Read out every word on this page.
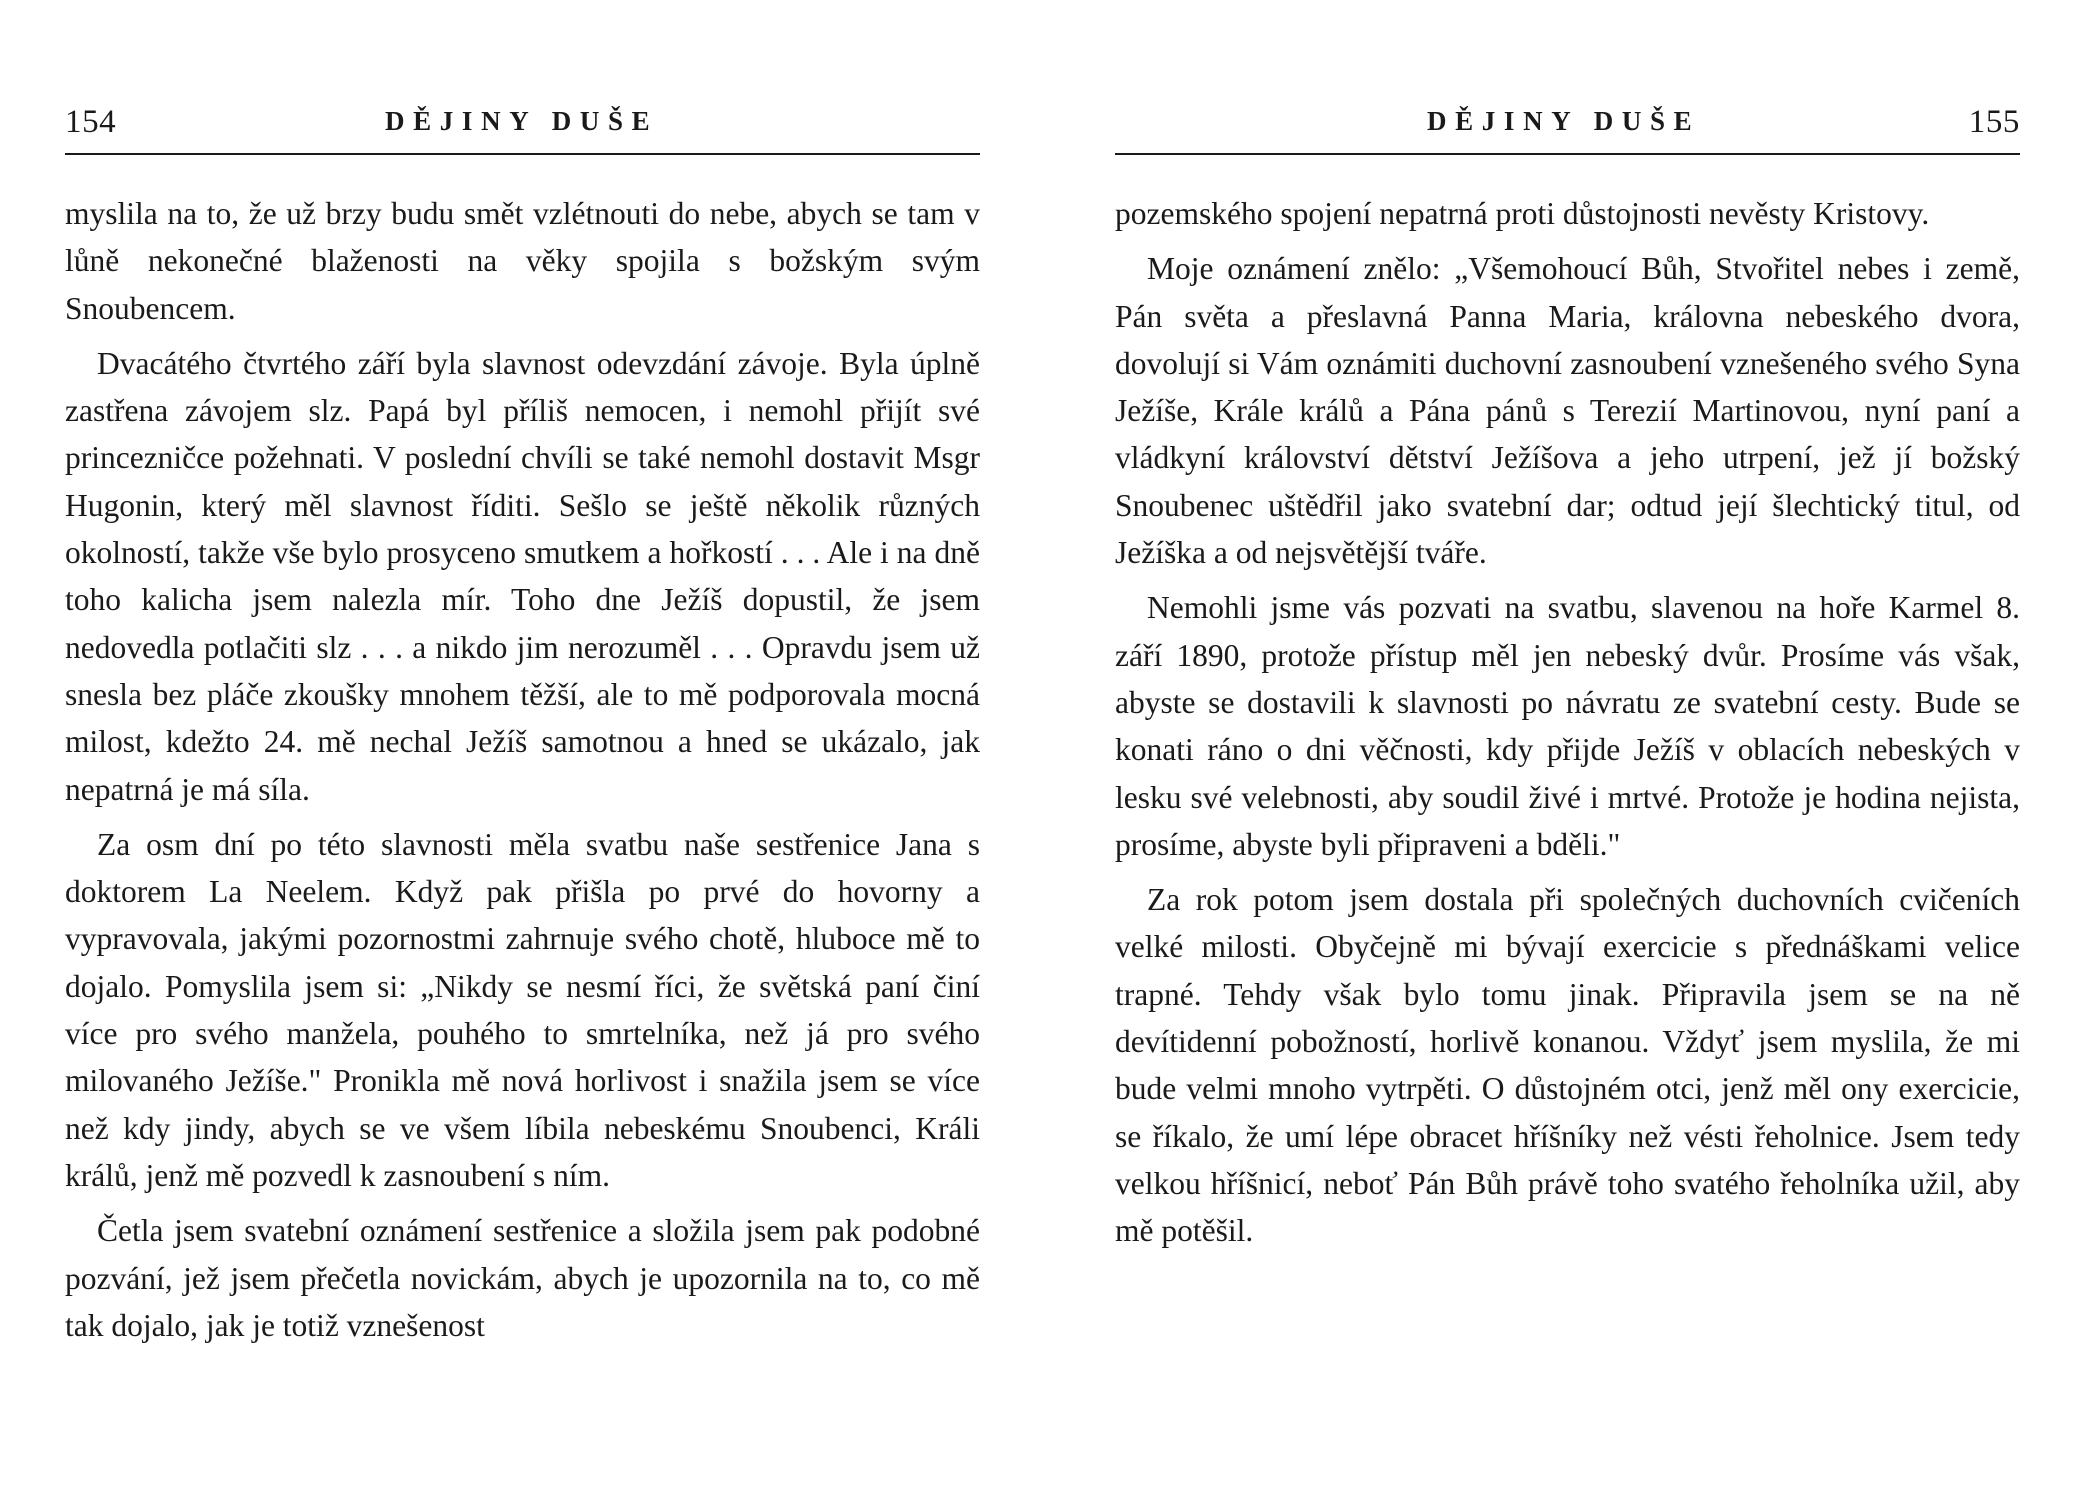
154	DĚJINY DUŠE

myslila na to, že už brzy budu smět vzlétnouti do nebe, abych se tam v lůně nekonečné blaženosti na věky spojila s božským svým Snoubencem.

Dvacátého čtvrtého září byla slavnost odevzdání závoje. Byla úplně zastřena závojem slz. Papá byl příliš nemocen, i nemohl přijít své princezničce požehnati. V poslední chvíli se také nemohl dostavit Msgr Hugonin, který měl slavnost říditi. Sešlo se ještě několik různých okolností, takže vše bylo prosyceno smutkem a hořkostí . . . Ale i na dně toho kalicha jsem nalezla mír. Toho dne Ježíš dopustil, že jsem nedovedla potlačiti slz . . . a nikdo jim nerozuměl . . . Opravdu jsem už snesla bez pláče zkoušky mnohem těžší, ale to mě podporovala mocná milost, kdežto 24. mě nechal Ježíš samotnou a hned se ukázalo, jak nepatrná je má síla.

Za osm dní po této slavnosti měla svatbu naše sestřenice Jana s doktorem La Neelem. Když pak přišla po prvé do hovorny a vypravovala, jakými pozornostmi zahrnuje svého chotě, hluboce mě to dojalo. Pomyslila jsem si: „Nikdy se nesmí říci, že světská paní činí více pro svého manžela, pouhého to smrtelníka, než já pro svého milovaného Ježíše." Pronikla mě nová horlivost i snažila jsem se více než kdy jindy, abych se ve všem líbila nebeskému Snoubenci, Králi králů, jenž mě pozvedl k zasnoubení s ním.

Četla jsem svatební oznámení sestřenice a složila jsem pak podobné pozvání, jež jsem přečetla novickám, abych je upozornila na to, co mě tak dojalo, jak je totiž vznešenost

DĚJINY DUŠE	155

pozemského spojení nepatrná proti důstojnosti nevěsty Kristovy.

Moje oznámení znělo: „Všemohoucí Bůh, Stvořitel nebes i země, Pán světa a přeslavná Panna Maria, královna nebeského dvora, dovolují si Vám oznámiti duchovní zasnoubení vznešeného svého Syna Ježíše, Krále králů a Pána pánů s Terezií Martinovou, nyní paní a vládkyní království dětství Ježíšova a jeho utrpení, jež jí božský Snoubenec uštědřil jako svatební dar; odtud její šlechtický titul, od Ježíška a od nejsvětější tváře.

Nemohli jsme vás pozvati na svatbu, slavenou na hoře Karmel 8. září 1890, protože přístup měl jen nebeský dvůr. Prosíme vás však, abyste se dostavili k slavnosti po návratu ze svatební cesty. Bude se konati ráno o dni věčnosti, kdy přijde Ježíš v oblacích nebeských v lesku své velebnosti, aby soudil živé i mrtvé. Protože je hodina nejista, prosíme, abyste byli připraveni a bděli."

Za rok potom jsem dostala při společných duchovních cvičeních velké milosti. Obyčejně mi bývají exercicie s přednáškami velice trapné. Tehdy však bylo tomu jinak. Připravila jsem se na ně devítidenní pobožností, horlivě konanou. Vždyť jsem myslila, že mi bude velmi mnoho vytrpěti. O důstojném otci, jenž měl ony exercicie, se říkalo, že umí lépe obracet hříšníky než vésti řeholnice. Jsem tedy velkou hříšnicí, neboť Pán Bůh právě toho svatého řeholníka užil, aby mě potěšil.
